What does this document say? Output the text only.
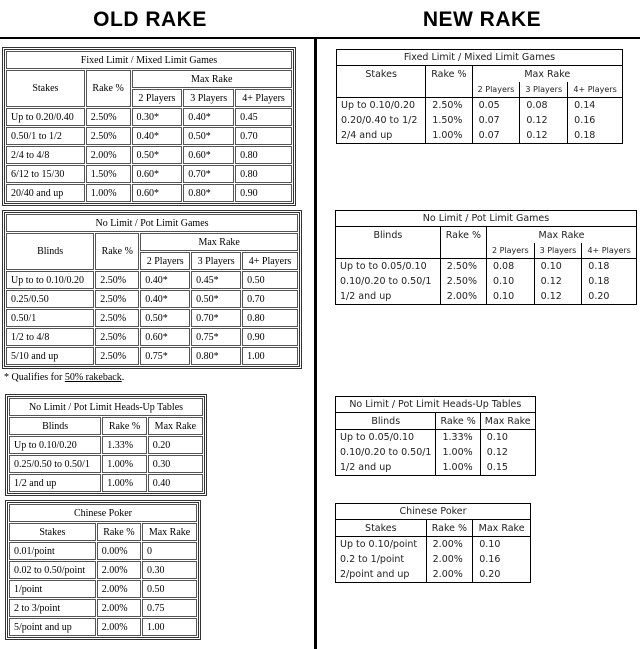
OLD RAKE	NEW RAKE
Fixed Limit / Mixed Limit Games				
Stakes	Rake %	Max Rake		
		2 Players	3 Players	4+ Players
Up to 0.20/0.40	2.50%	0.30*	0.40*	0.45
0.50/1 to 1/2	2.50%	0.40*	0.50*	0.70
2/4 to 4/8	2.00%	0.50*	0.60*	0.80
6/12 to 15/30	1.50%	0.60*	0.70*	0.80
20/40 and up	1.00%	0.60*	0.80*	0.90
No Limit / Pot Limit Games				
Blinds	Rake %	Max Rake		
		2 Players	3 Players	4+ Players
Up to to 0.10/0.20	2.50%	0.40*	0.45*	0.50
0.25/0.50	2.50%	0.40*	0.50*	0.70
0.50/1	2.50%	0.50*	0.70*	0.80
1/2 to 4/8	2.50%	0.60*	0.75*	0.90
5/10 and up	2.50%	0.75*	0.80*	1.00
* Qualifies for 50% rakeback.
No Limit / Pot Limit Heads-Up Tables		
Blinds	Rake %	Max Rake
Up to 0.10/0.20	1.33%	0.20
0.25/0.50 to 0.50/1	1.00%	0.30
1/2 and up	1.00%	0.40
Chinese Poker		
Stakes	Rake %	Max Rake
0.01/point	0.00%	0
0.02 to 0.50/point	2.00%	0.30
1/point	2.00%	0.50
2 to 3/point	2.00%	0.75
5/point and up	2.00%	1.00
Fixed Limit / Mixed Limit Games				
Stakes	Rake %	Max Rake		
		2 Players	3 Players	4+ Players
Up to 0.10/0.20	2.50%	0.05	0.08	0.14
0.20/0.40 to 1/2	1.50%	0.07	0.12	0.16
2/4 and up	1.00%	0.07	0.12	0.18
No Limit / Pot Limit Games				
Blinds	Rake %	Max Rake		
		2 Players	3 Players	4+ Players
Up to to 0.05/0.10	2.50%	0.08	0.10	0.18
0.10/0.20 to 0.50/1	2.50%	0.10	0.12	0.18
1/2 and up	2.00%	0.10	0.12	0.20
No Limit / Pot Limit Heads-Up Tables		
Blinds	Rake %	Max Rake
Up to 0.05/0.10	1.33%	0.10
0.10/0.20 to 0.50/1	1.00%	0.12
1/2 and up	1.00%	0.15
Chinese Poker		
Stakes	Rake %	Max Rake
Up to 0.10/point	2.00%	0.10
0.2 to 1/point	2.00%	0.16
2/point and up	2.00%	0.20
